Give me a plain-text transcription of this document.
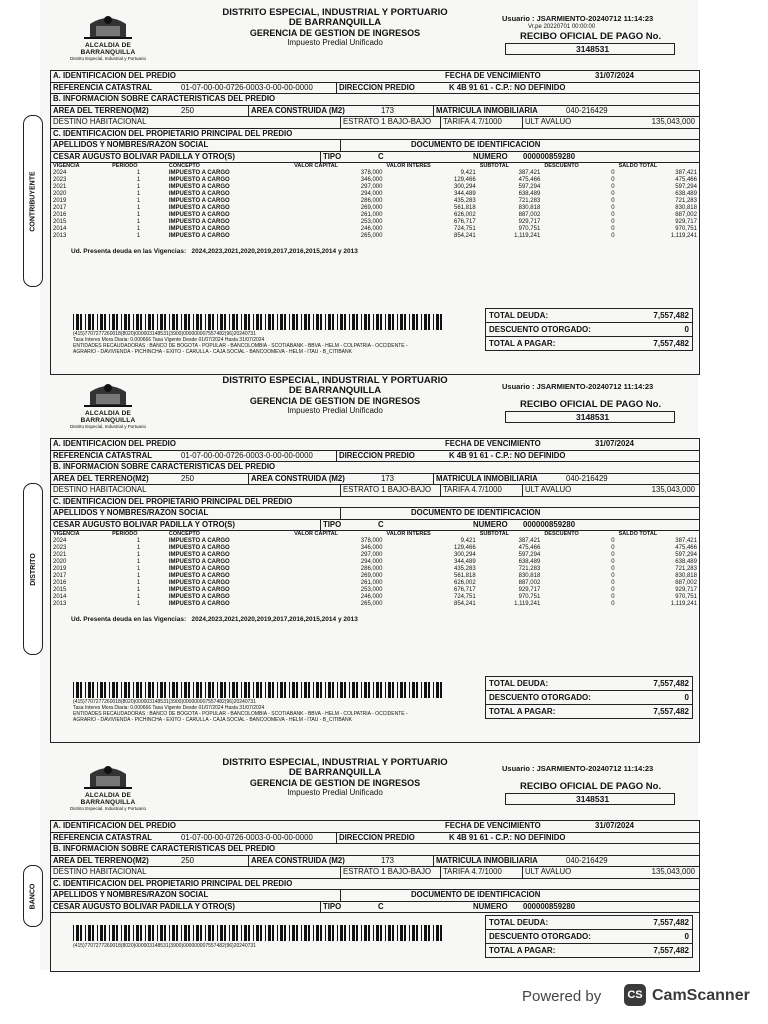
ALCALDIA DE BARRANQUILLA
Distrito Especial, Industrial y Portuario
DISTRITO ESPECIAL, INDUSTRIAL Y PORTUARIO
DE BARRANQUILLA
GERENCIA DE GESTION DE INGRESOS
Impuesto Predial Unificado
Usuario : JSARMIENTO-20240712 11:14:23
Vr.pe 20220701 00:00:00
RECIBO OFICIAL DE PAGO No.
3148531
CONTRIBUYENTE
A. IDENTIFICACION DEL PREDIO	FECHA DE VENCIMIENTO	31/07/2024
REFERENCIA CATASTRAL	01-07-00-00-0726-0003-0-00-00-0000	DIRECCION PREDIO	K 4B 91 61 - C.P.: NO DEFINIDO
B. INFORMACION SOBRE CARACTERISTICAS DEL PREDIO
AREA DEL TERRENO(M2)	250	AREA CONSTRUIDA (M2)	173	MATRICULA INMOBILIARIA	040-216429
DESTINO HABITACIONAL	ESTRATO 1 BAJO-BAJO	TARIFA 4.7/1000	ULT AVALUO	135,043,000
C. IDENTIFICACION DEL PROPIETARIO PRINCIPAL DEL PREDIO
APELLIDOS Y NOMBRES/RAZON SOCIAL	DOCUMENTO DE IDENTIFICACION
CESAR AUGUSTO BOLIVAR PADILLA Y OTRO(S)	TIPO	C	NUMERO	000000859280
VIGENCIA	PERIODO	CONCEPTO	VALOR CAPITAL	VALOR INTERES	SUBTOTAL	DESCUENTO	SALDO TOTAL
2024	1	IMPUESTO A CARGO	378,000	9,421	387,421	0	387,421
2023	1	IMPUESTO A CARGO	346,000	129,466	475,466	0	475,466
2021	1	IMPUESTO A CARGO	297,000	300,294	597,294	0	597,294
2020	1	IMPUESTO A CARGO	294,000	344,489	638,489	0	638,489
2019	1	IMPUESTO A CARGO	286,000	435,283	721,283	0	721,283
2017	1	IMPUESTO A CARGO	269,000	561,818	830,818	0	830,818
2016	1	IMPUESTO A CARGO	261,000	626,002	887,002	0	887,002
2015	1	IMPUESTO A CARGO	253,000	676,717	929,717	0	929,717
2014	1	IMPUESTO A CARGO	246,000	724,751	970,751	0	970,751
2013	1	IMPUESTO A CARGO	265,000	854,241	1,119,241	0	1,119,241
Ud. Presenta deuda en las Vigencias: 2024,2023,2021,2020,2019,2017,2016,2015,2014 y 2013
TOTAL DEUDA:	7,557,482
DESCUENTO OTORGADO:	0
TOTAL A PAGAR:	7,557,482
(415)7707277260018(8020)000003148531(3900)000000007557482(96)20240731
Tasa Interes Mora Diaria: 0.000666 Tasa Vigente Desde 01/07/2024 Hasta 31/07/2024
ENTIDADES RECAUDADORAS : BANCO DE BOGOTA - POPULAR - BANCOLOMBIA - SCOTIABANK - BBVA - HELM - COLPATRIA - OCCIDENTE -
AGRARIO - DAVIVIENDA - PICHINCHA - EXITO - CARULLA - CAJA SOCIAL - BANCOOMEVA - HELM - ITAU - B_CITIBANK
ALCALDIA DE BARRANQUILLA
Distrito Especial, Industrial y Portuario
DISTRITO ESPECIAL, INDUSTRIAL Y PORTUARIO
DE BARRANQUILLA
GERENCIA DE GESTION DE INGRESOS
Impuesto Predial Unificado
Usuario : JSARMIENTO-20240712 11:14:23
RECIBO OFICIAL DE PAGO No.
3148531
DISTRITO
A. IDENTIFICACION DEL PREDIO	FECHA DE VENCIMIENTO	31/07/2024
REFERENCIA CATASTRAL	01-07-00-00-0726-0003-0-00-00-0000	DIRECCION PREDIO	K 4B 91 61 - C.P.: NO DEFINIDO
B. INFORMACION SOBRE CARACTERISTICAS DEL PREDIO
AREA DEL TERRENO(M2)	250	AREA CONSTRUIDA (M2)	173	MATRICULA INMOBILIARIA	040-216429
DESTINO HABITACIONAL	ESTRATO 1 BAJO-BAJO	TARIFA 4.7/1000	ULT AVALUO	135,043,000
C. IDENTIFICACION DEL PROPIETARIO PRINCIPAL DEL PREDIO
APELLIDOS Y NOMBRES/RAZON SOCIAL	DOCUMENTO DE IDENTIFICACION
CESAR AUGUSTO BOLIVAR PADILLA Y OTRO(S)	TIPO	C	NUMERO	000000859280
VIGENCIA	PERIODO	CONCEPTO	VALOR CAPITAL	VALOR INTERES	SUBTOTAL	DESCUENTO	SALDO TOTAL
2024	1	IMPUESTO A CARGO	378,000	9,421	387,421	0	387,421
2023	1	IMPUESTO A CARGO	346,000	129,466	475,466	0	475,466
2021	1	IMPUESTO A CARGO	297,000	300,294	597,294	0	597,294
2020	1	IMPUESTO A CARGO	294,000	344,489	638,489	0	638,489
2019	1	IMPUESTO A CARGO	286,000	435,283	721,283	0	721,283
2017	1	IMPUESTO A CARGO	269,000	561,818	830,818	0	830,818
2016	1	IMPUESTO A CARGO	261,000	626,002	887,002	0	887,002
2015	1	IMPUESTO A CARGO	253,000	676,717	929,717	0	929,717
2014	1	IMPUESTO A CARGO	246,000	724,751	970,751	0	970,751
2013	1	IMPUESTO A CARGO	265,000	854,241	1,119,241	0	1,119,241
Ud. Presenta deuda en las Vigencias: 2024,2023,2021,2020,2019,2017,2016,2015,2014 y 2013
TOTAL DEUDA:	7,557,482
DESCUENTO OTORGADO:	0
TOTAL A PAGAR:	7,557,482
(415)7707277260018(8020)000003148531(3900)000000007557482(96)20240731
Tasa Interes Mora Diaria: 0.000666 Tasa Vigente Desde 01/07/2024 Hasta 31/07/2024
ENTIDADES RECAUDADORAS : BANCO DE BOGOTA - POPULAR - BANCOLOMBIA - SCOTIABANK - BBVA - HELM - COLPATRIA - OCCIDENTE -
AGRARIO - DAVIVIENDA - PICHINCHA - EXITO - CARULLA - CAJA SOCIAL - BANCOOMEVA - HELM - ITAU - B_CITIBANK
ALCALDIA DE BARRANQUILLA
Distrito Especial, Industrial y Portuario
DISTRITO ESPECIAL, INDUSTRIAL Y PORTUARIO
DE BARRANQUILLA
GERENCIA DE GESTION DE INGRESOS
Impuesto Predial Unificado
Usuario : JSARMIENTO-20240712 11:14:23
RECIBO OFICIAL DE PAGO No.
3148531
BANCO
A. IDENTIFICACION DEL PREDIO	FECHA DE VENCIMIENTO	31/07/2024
REFERENCIA CATASTRAL	01-07-00-00-0726-0003-0-00-00-0000	DIRECCION PREDIO	K 4B 91 61 - C.P.: NO DEFINIDO
B. INFORMACION SOBRE CARACTERISTICAS DEL PREDIO
AREA DEL TERRENO(M2)	250	AREA CONSTRUIDA (M2)	173	MATRICULA INMOBILIARIA	040-216429
DESTINO HABITACIONAL	ESTRATO 1 BAJO-BAJO	TARIFA 4.7/1000	ULT AVALUO	135,043,000
C. IDENTIFICACION DEL PROPIETARIO PRINCIPAL DEL PREDIO
APELLIDOS Y NOMBRES/RAZON SOCIAL	DOCUMENTO DE IDENTIFICACION
CESAR AUGUSTO BOLIVAR PADILLA Y OTRO(S)	TIPO	C	NUMERO	000000859280
TOTAL DEUDA:	7,557,482
DESCUENTO OTORGADO:	0
TOTAL A PAGAR:	7,557,482
(415)7707277260018(8020)000003148531(3900)000000007557482(96)20240731
Powered by	CS CamScanner
